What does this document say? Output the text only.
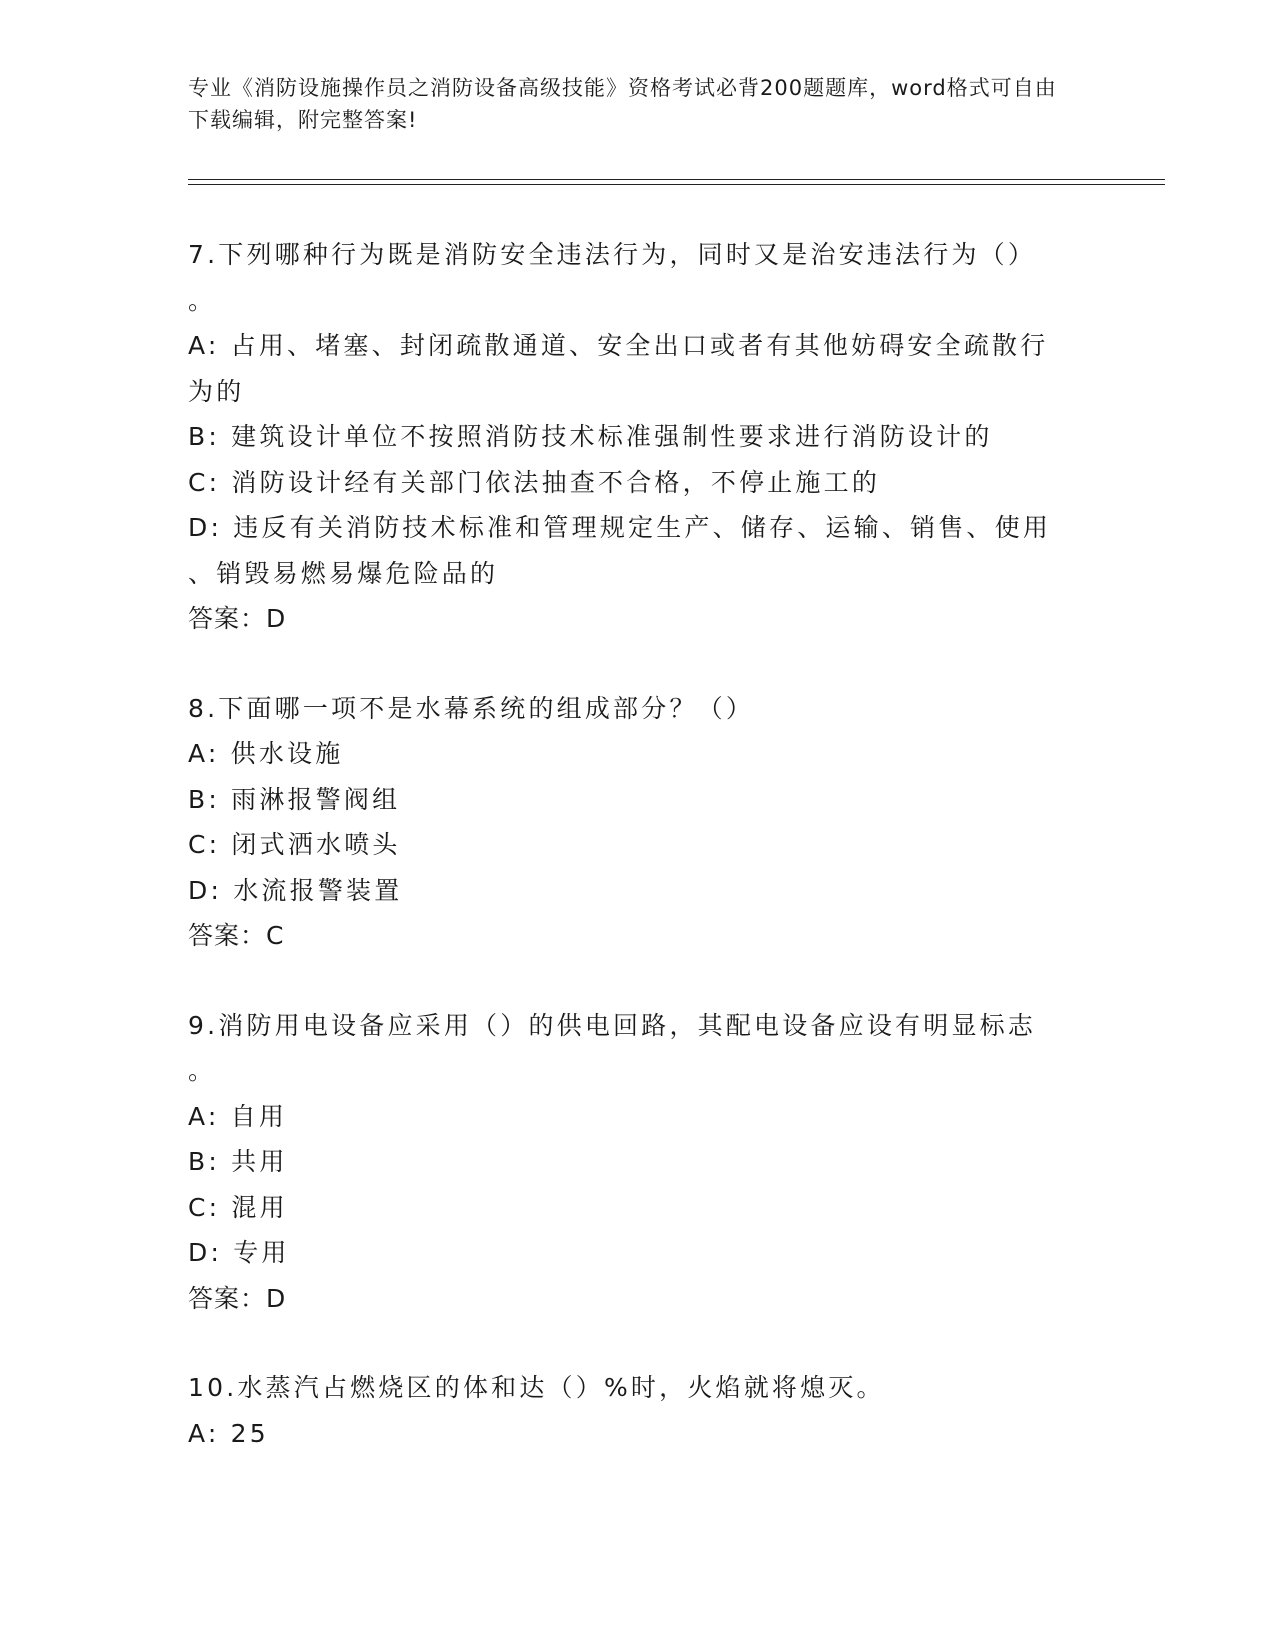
专业《消防设施操作员之消防设备高级技能》资格考试必背200题题库，word格式可自由下载编辑，附完整答案!
7.下列哪种行为既是消防安全违法行为，同时又是治安违法行为（）
。
A: 占用、堵塞、封闭疏散通道、安全出口或者有其他妨碍安全疏散行
为的
B: 建筑设计单位不按照消防技术标准强制性要求进行消防设计的
C: 消防设计经有关部门依法抽查不合格，不停止施工的
D: 违反有关消防技术标准和管理规定生产、储存、运输、销售、使用
、销毁易燃易爆危险品的
答案：D
8.下面哪一项不是水幕系统的组成部分？（）
A: 供水设施
B: 雨淋报警阀组
C: 闭式洒水喷头
D: 水流报警装置
答案：C
9.消防用电设备应采用（）的供电回路，其配电设备应设有明显标志
。
A: 自用
B: 共用
C: 混用
D: 专用
答案：D
10.水蒸汽占燃烧区的体和达（）%时，火焰就将熄灭。
A: 25
